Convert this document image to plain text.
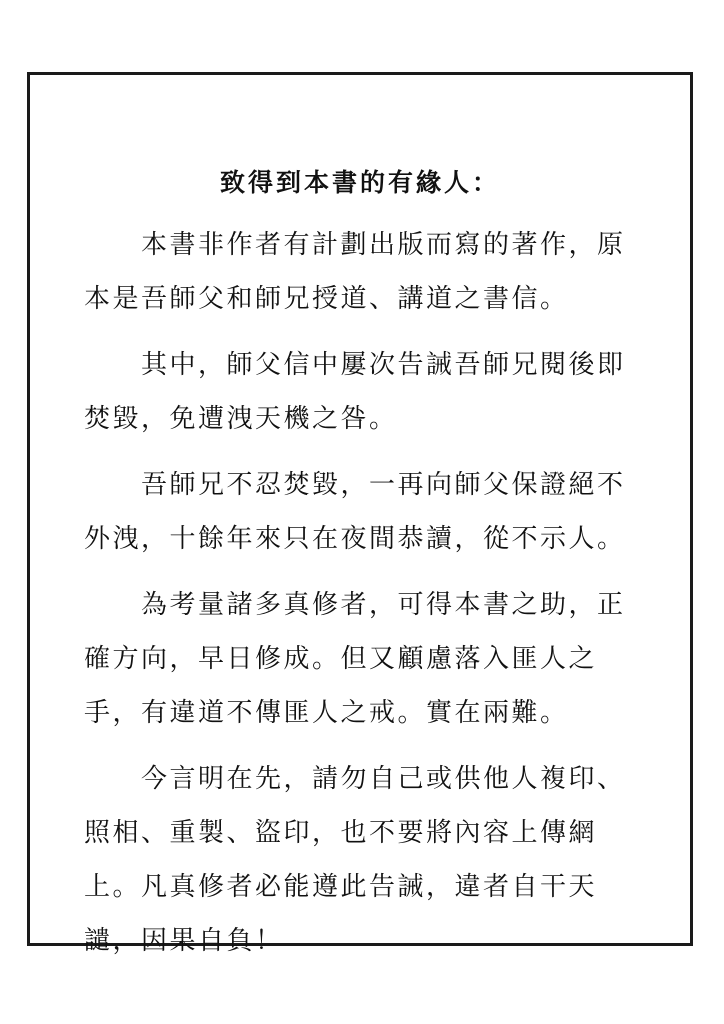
致得到本書的有緣人：

本書非作者有計劃出版而寫的著作，原本是吾師父和師兄授道、講道之書信。

其中，師父信中屢次告誡吾師兄閱後即焚毀，免遭洩天機之咎。

吾師兄不忍焚毀，一再向師父保證絕不外洩，十餘年來只在夜間恭讀，從不示人。

為考量諸多真修者，可得本書之助，正確方向，早日修成。但又顧慮落入匪人之手，有違道不傳匪人之戒。實在兩難。

今言明在先，請勿自己或供他人複印、照相、重製、盜印，也不要將內容上傳網上。凡真修者必能遵此告誡，違者自干天譴，因果自負！
